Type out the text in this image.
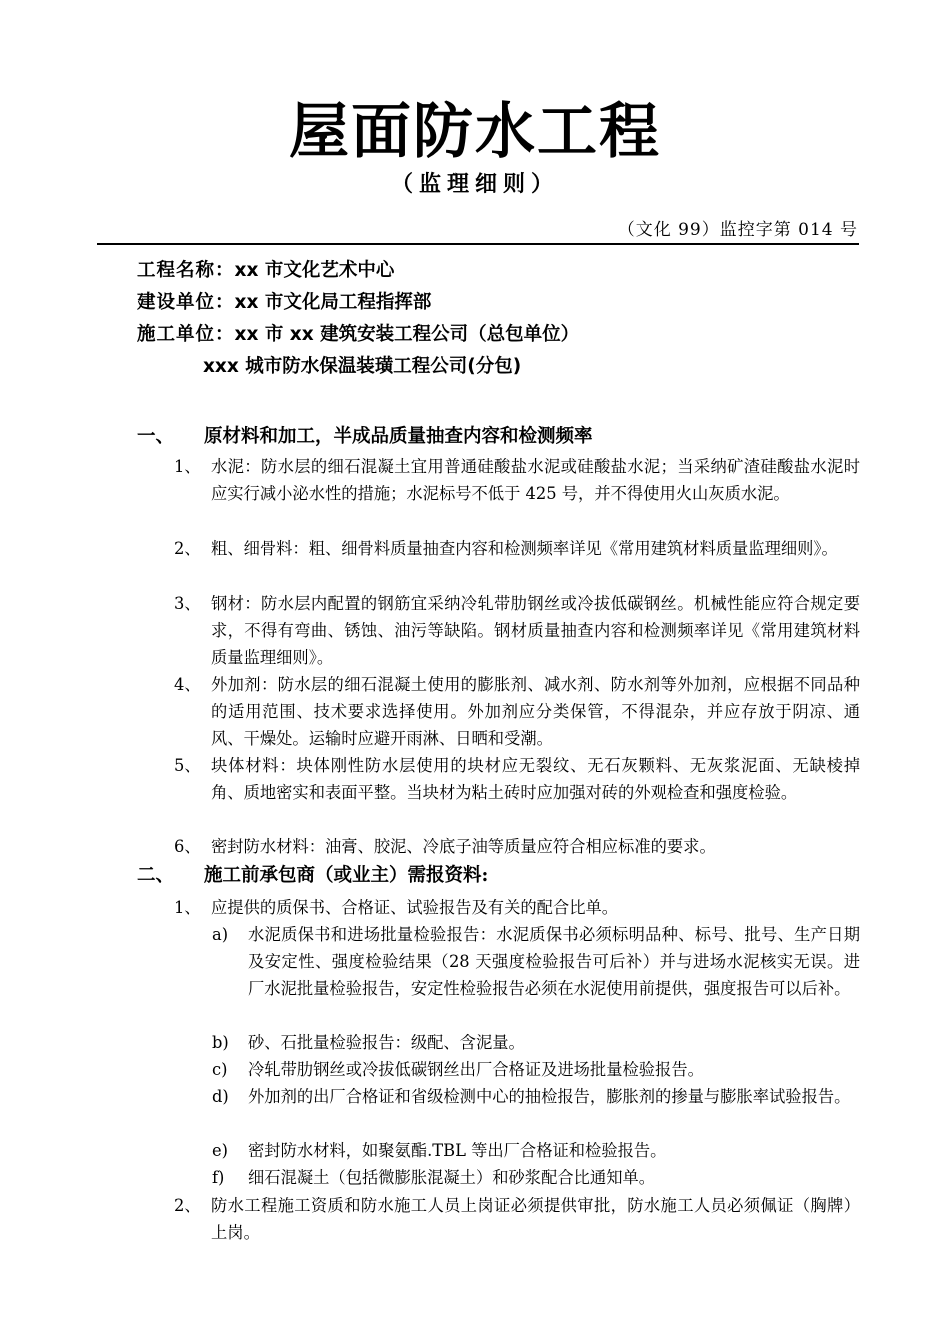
屋面防水工程
（监理细则）
（文化 99）监控字第 014 号
工程名称：xx 市文化艺术中心
建设单位：xx 市文化局工程指挥部
施工单位：xx 市 xx 建筑安装工程公司（总包单位）
xxx 城市防水保温装璜工程公司(分包)
一、 原材料和加工，半成品质量抽查内容和检测频率
1、 水泥：防水层的细石混凝土宜用普通硅酸盐水泥或硅酸盐水泥；当采纳矿渣硅酸盐水泥时应实行减小泌水性的措施；水泥标号不低于 425 号，并不得使用火山灰质水泥。
2、 粗、细骨料：粗、细骨料质量抽查内容和检测频率详见《常用建筑材料质量监理细则》。
3、 钢材：防水层内配置的钢筋宜采纳冷轧带肋钢丝或冷拔低碳钢丝。机械性能应符合规定要求，不得有弯曲、锈蚀、油污等缺陷。钢材质量抽查内容和检测频率详见《常用建筑材料质量监理细则》。
4、 外加剂：防水层的细石混凝土使用的膨胀剂、减水剂、防水剂等外加剂，应根据不同品种的适用范围、技术要求选择使用。外加剂应分类保管，不得混杂，并应存放于阴凉、通风、干燥处。运输时应避开雨淋、日晒和受潮。
5、 块体材料：块体刚性防水层使用的块材应无裂纹、无石灰颗料、无灰浆泥面、无缺棱掉角、质地密实和表面平整。当块材为粘土砖时应加强对砖的外观检查和强度检验。
6、 密封防水材料：油膏、胶泥、冷底子油等质量应符合相应标准的要求。
二、 施工前承包商（或业主）需报资料:
1、 应提供的质保书、合格证、试验报告及有关的配合比单。
a) 水泥质保书和进场批量检验报告：水泥质保书必须标明品种、标号、批号、生产日期及安定性、强度检验结果（28 天强度检验报告可后补）并与进场水泥核实无误。进厂水泥批量检验报告，安定性检验报告必须在水泥使用前提供，强度报告可以后补。
b) 砂、石批量检验报告：级配、含泥量。
c) 冷轧带肋钢丝或冷拔低碳钢丝出厂合格证及进场批量检验报告。
d) 外加剂的出厂合格证和省级检测中心的抽检报告，膨胀剂的掺量与膨胀率试验报告。
e) 密封防水材料，如聚氨酯.TBL 等出厂合格证和检验报告。
f) 细石混凝土（包括微膨胀混凝土）和砂浆配合比通知单。
2、 防水工程施工资质和防水施工人员上岗证必须提供审批，防水施工人员必须佩证（胸牌）上岗。
